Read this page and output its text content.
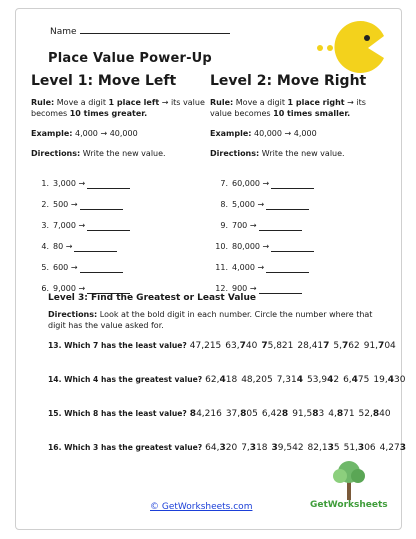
Name
Place Value Power-Up
Level 1: Move Left
Rule: Move a digit 1 place left → its value becomes 10 times greater.
Example: 4,000 → 40,000
Directions: Write the new value.
1. 3,000 →
2. 500 →
3. 7,000 →
4. 80 →
5. 600 →
6. 9,000 →
Level 2: Move Right
Rule: Move a digit 1 place right → its value becomes 10 times smaller.
Example: 40,000 → 4,000
Directions: Write the new value.
7. 60,000 →
8. 5,000 →
9. 700 →
10. 80,000 →
11. 4,000 →
12. 900 →
Level 3: Find the Greatest or Least Value
Directions: Look at the bold digit in each number. Circle the number where that digit has the value asked for.
13. Which 7 has the least value? 47,215 63,740 75,821 28,417 5,762 91,704
14. Which 4 has the greatest value? 62,418 48,205 7,314 53,942 6,475 19,430
15. Which 8 has the least value? 84,216 37,805 6,428 91,583 4,871 52,840
16. Which 3 has the greatest value? 64,320 7,318 39,542 82,135 51,306 4,273
© GetWorksheets.com	GetWorksheets
